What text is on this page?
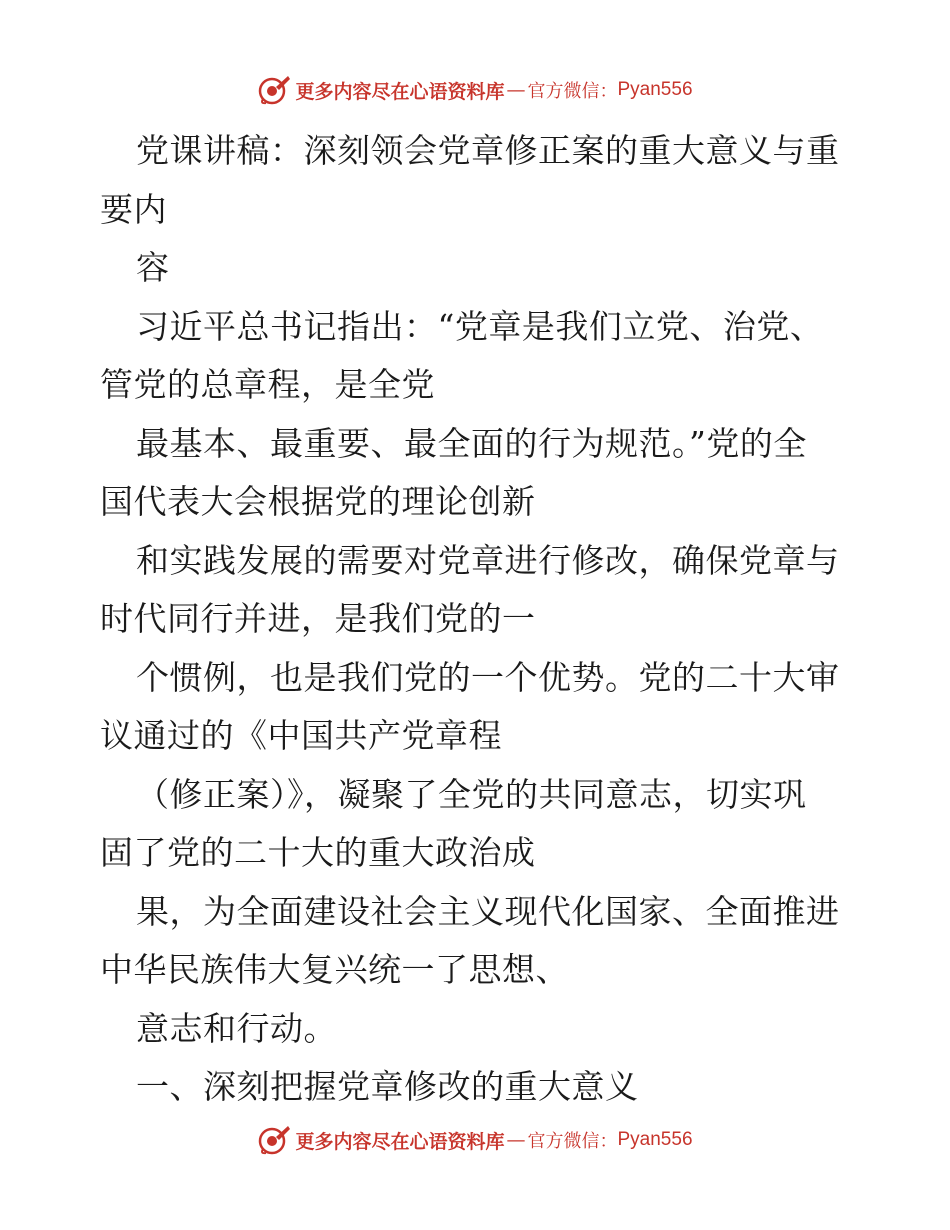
更多内容尽在心语资料库 — 官方微信： Pyan556
党课讲稿：深刻领会党章修正案的重大意义与重
要内
容
习近平总书记指出：“党章是我们立党、治党、
管党的总章程，是全党
最基本、最重要、最全面的行为规范。”党的全
国代表大会根据党的理论创新
和实践发展的需要对党章进行修改，确保党章与
时代同行并进，是我们党的一
个惯例，也是我们党的一个优势。党的二十大审
议通过的《中国共产党章程
（修正案）》，凝聚了全党的共同意志，切实巩
固了党的二十大的重大政治成
果，为全面建设社会主义现代化国家、全面推进
中华民族伟大复兴统一了思想、
意志和行动。
一、深刻把握党章修改的重大意义
更多内容尽在心语资料库 — 官方微信： Pyan556
